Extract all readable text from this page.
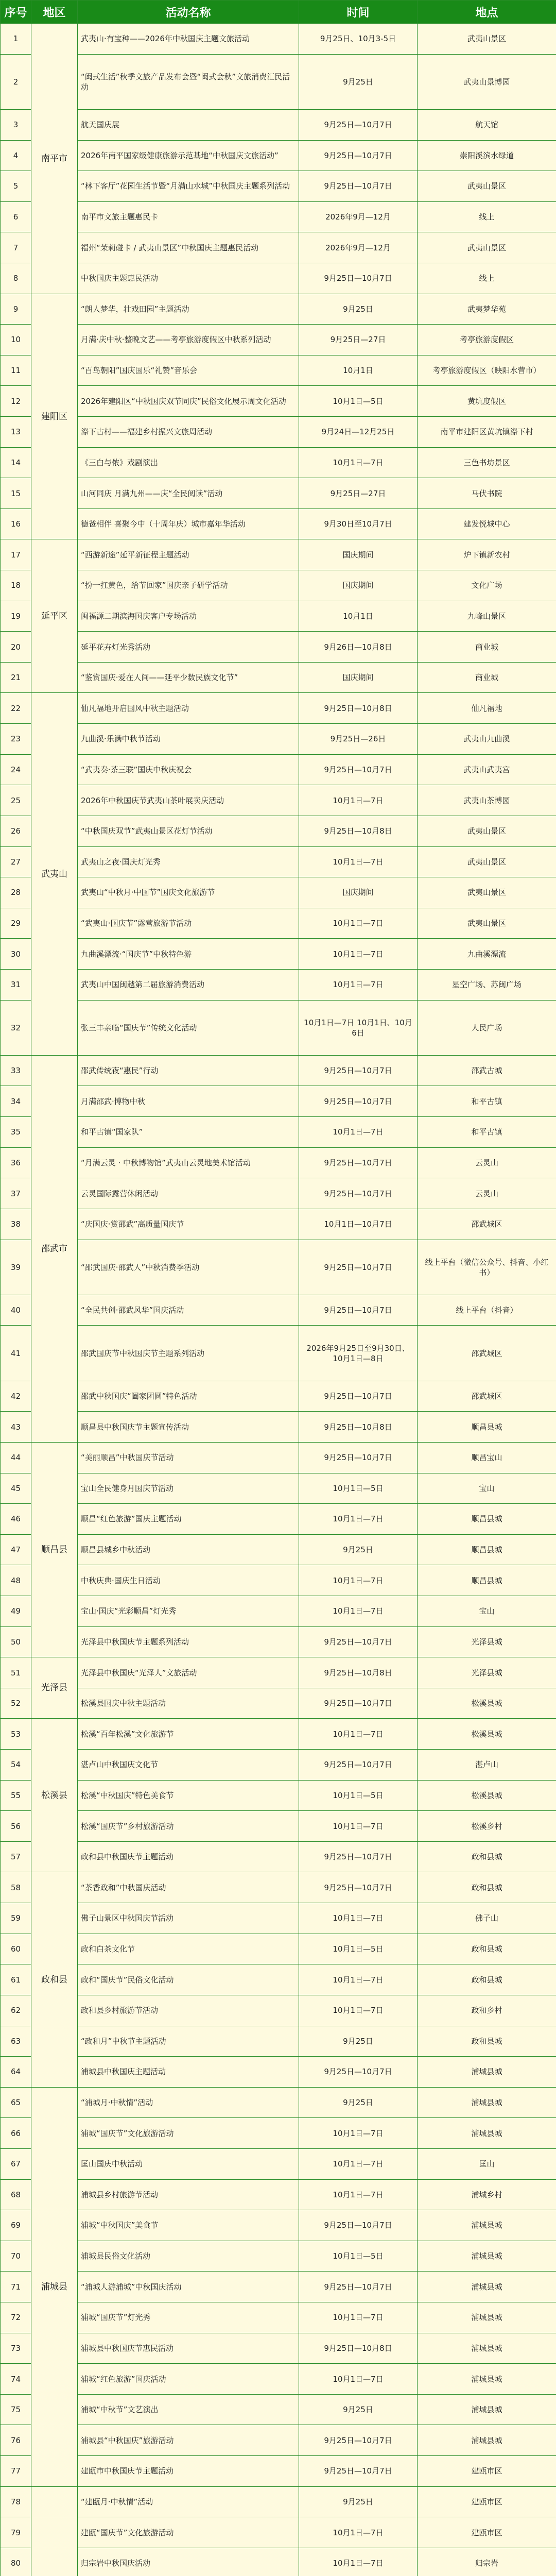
序号	地区	活动名称	时间	地点
1	南平市	武夷山·有宝种——2026年中秋国庆主题文旅活动	9月25日、10月3-5日	武夷山景区
2		“闽式生活”秋季文旅产品发布会暨“闽式会秋”文旅消费汇民活动	9月25日	武夷山景博园
3		航天国庆展	9月25日—10月7日	航天馆
4		2026年南平国家级健康旅游示范基地“中秋国庆文旅活动”	9月25日—10月7日	崇阳溪滨水绿道
5		“林下客厅”花园生活节暨“月满山水城”中秋国庆主题系列活动	9月25日—10月7日	武夷山景区
6		南平市文旅主题惠民卡	2026年9月—12月	线上
7		福州“茉莉碰卡 / 武夷山景区”中秋国庆主题惠民活动	2026年9月—12月	武夷山景区
8		中秋国庆主题惠民活动	9月25日—10月7日	线上
9	建阳区	“朗人梦华，壮戏田园”主题活动	9月25日	武夷梦华苑
10		月满·庆中秋·整晚文艺——考亭旅游度假区中秋系列活动	9月25日—27日	考亭旅游度假区
11		“百鸟朝阳”国庆国乐“礼赞”音乐会	10月1日	考亭旅游度假区（映阳水营市）
12		2026年建阳区“中秋国庆双节同庆”民俗文化展示周文化活动	10月1日—5日	黄坑度假区
13		漈下古村——福建乡村振兴文旅周活动	9月24日—12月25日	南平市建阳区黄坑镇漈下村
14		《三白与侬》戏剧演出	10月1日—7日	三色书坊景区
15		山河同庆 月满九州——庆“全民阅读”活动	9月25日—27日	马伏书院
16		德爸相伴 喜聚今中（十周年庆）城市嘉年华活动	9月30日至10月7日	建发悦城中心
17	延平区	“西游新途”延平新征程主题活动	国庆期间	炉下镇新农村
18		“扮一扛黄色，给节回家”国庆亲子研学活动	国庆期间	文化广场
19		闽福源二期滨海国庆客户专场活动	10月1日	九峰山景区
20		延平花卉灯光秀活动	9月26日—10月8日	商业城
21		“鉴赏国庆·爱在人间——延平少数民族文化节”	国庆期间	商业城
22	武夷山	仙凡福地开启国风中秋主题活动	9月25日—10月8日	仙凡福地
23		九曲溪·乐满中秋节活动	9月25日—26日	武夷山九曲溪
24		“武夷奏·茶三联”国庆中秋庆祝会	9月25日—10月7日	武夷山武夷宫
25		2026年中秋国庆节武夷山茶叶展卖庆活动	10月1日—7日	武夷山茶博园
26		“中秋国庆双节”武夷山景区花灯节活动	9月25日—10月8日	武夷山景区
27		武夷山之夜·国庆灯光秀	10月1日—7日	武夷山景区
28		武夷山“中秋月·中国节”国庆文化旅游节	国庆期间	武夷山景区
29		“武夷山·国庆节”露营旅游节活动	10月1日—7日	武夷山景区
30		九曲溪漂流·“国庆节”中秋特色游	10月1日—7日	九曲溪漂流
31		武夷山中国闽越第二届旅游消费活动	10月1日—7日	星空广场、苏闽广场
32		张三丰亲临“国庆节”传统文化活动	10月1日—7日 10月1日、10月6日	人民广场
33	邵武市	邵武传统夜“惠民”行动	9月25日—10月7日	邵武古城
34		月满邵武·博物中秋	9月25日—10月7日	和平古镇
35		和平古镇“国家队”	10月1日—7日	和平古镇
36		“月满云灵 · 中秋博物馆”武夷山云灵地美术馆活动	9月25日—10月7日	云灵山
37		云灵国际露营休闲活动	9月25日—10月7日	云灵山
38		“庆国庆·赏邵武”高质量国庆节	10月1日—10月7日	邵武城区
39		“邵武国庆·邵武人”中秋消费季活动	9月25日—10月7日	线上平台（微信公众号、抖音、小红书）
40		“全民共创·邵武风华”国庆活动	9月25日—10月7日	线上平台（抖音）
41		邵武国庆节中秋国庆节主题系列活动	2026年9月25日至9月30日、10月1日—8日	邵武城区
42		邵武中秋国庆“阖家团圆”特色活动	9月25日—10月7日	邵武城区
43		顺昌县中秋国庆节主题宣传活动	9月25日—10月8日	顺昌县城
44	顺昌县	“美丽顺昌”中秋国庆节活动	9月25日—10月7日	顺昌宝山
45		宝山全民健身月国庆节活动	10月1日—5日	宝山
46		顺昌“红色旅游”国庆主题活动	10月1日—7日	顺昌县城
47		顺昌县城乡中秋活动	9月25日	顺昌县城
48		中秋庆典·国庆生日活动	10月1日—7日	顺昌县城
49		宝山·国庆“光彩顺昌”灯光秀	10月1日—7日	宝山
50		光泽县中秋国庆节主题系列活动	9月25日—10月7日	光泽县城
51	光泽县	光泽县中秋国庆“光泽人”文旅活动	9月25日—10月8日	光泽县城
52		松溪县国庆中秋主题活动	9月25日—10月7日	松溪县城
53	松溪县	松溪“百年松溪”文化旅游节	10月1日—7日	松溪县城
54		湛卢山中秋国庆文化节	9月25日—10月7日	湛卢山
55		松溪“中秋国庆”特色美食节	10月1日—5日	松溪县城
56		松溪“国庆节”乡村旅游活动	10月1日—7日	松溪乡村
57		政和县中秋国庆节主题活动	9月25日—10月7日	政和县城
58	政和县	“茶香政和”中秋国庆活动	9月25日—10月7日	政和县城
59		佛子山景区中秋国庆节活动	10月1日—7日	佛子山
60		政和白茶文化节	10月1日—5日	政和县城
61		政和“国庆节”民俗文化活动	10月1日—7日	政和县城
62		政和县乡村旅游节活动	10月1日—7日	政和乡村
63		“政和月”中秋节主题活动	9月25日	政和县城
64		浦城县中秋国庆主题活动	9月25日—10月7日	浦城县城
65	浦城县	“浦城月·中秋情”活动	9月25日	浦城县城
66		浦城“国庆节”文化旅游活动	10月1日—7日	浦城县城
67		匡山国庆中秋活动	10月1日—7日	匡山
68		浦城县乡村旅游节活动	10月1日—7日	浦城乡村
69		浦城“中秋国庆”美食节	9月25日—10月7日	浦城县城
70		浦城县民俗文化活动	10月1日—5日	浦城县城
71		“浦城人游浦城”中秋国庆活动	9月25日—10月7日	浦城县城
72		浦城“国庆节”灯光秀	10月1日—7日	浦城县城
73		浦城县中秋国庆节惠民活动	9月25日—10月8日	浦城县城
74		浦城“红色旅游”国庆活动	10月1日—7日	浦城县城
75		浦城“中秋节”文艺演出	9月25日	浦城县城
76		浦城县“中秋国庆”旅游活动	9月25日—10月7日	浦城县城
77		建瓯市中秋国庆节主题活动	9月25日—10月7日	建瓯市区
78		“建瓯月·中秋情”活动	9月25日	建瓯市区
79		建瓯“国庆节”文化旅游活动	10月1日—7日	建瓯市区
80		归宗岩中秋国庆活动	10月1日—7日	归宗岩
